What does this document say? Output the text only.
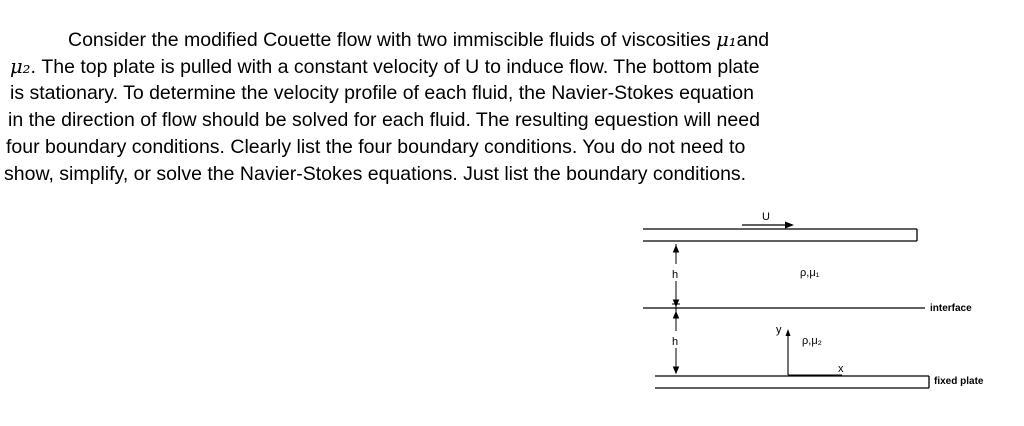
Consider the modified Couette flow with two immiscible fluids of viscosities μ₁and
μ₂. The top plate is pulled with a constant velocity of U to induce flow. The bottom plate
is stationary. To determine the velocity profile of each fluid, the Navier-Stokes equation
in the direction of flow should be solved for each fluid. The resulting equestion will need
four boundary conditions. Clearly list the four boundary conditions. You do not need to
show, simplify, or solve the Navier-Stokes equations. Just list the boundary conditions.
U
interface
fixed plate
h
h
ρ,μ₁
ρ,μ₂
y
x
